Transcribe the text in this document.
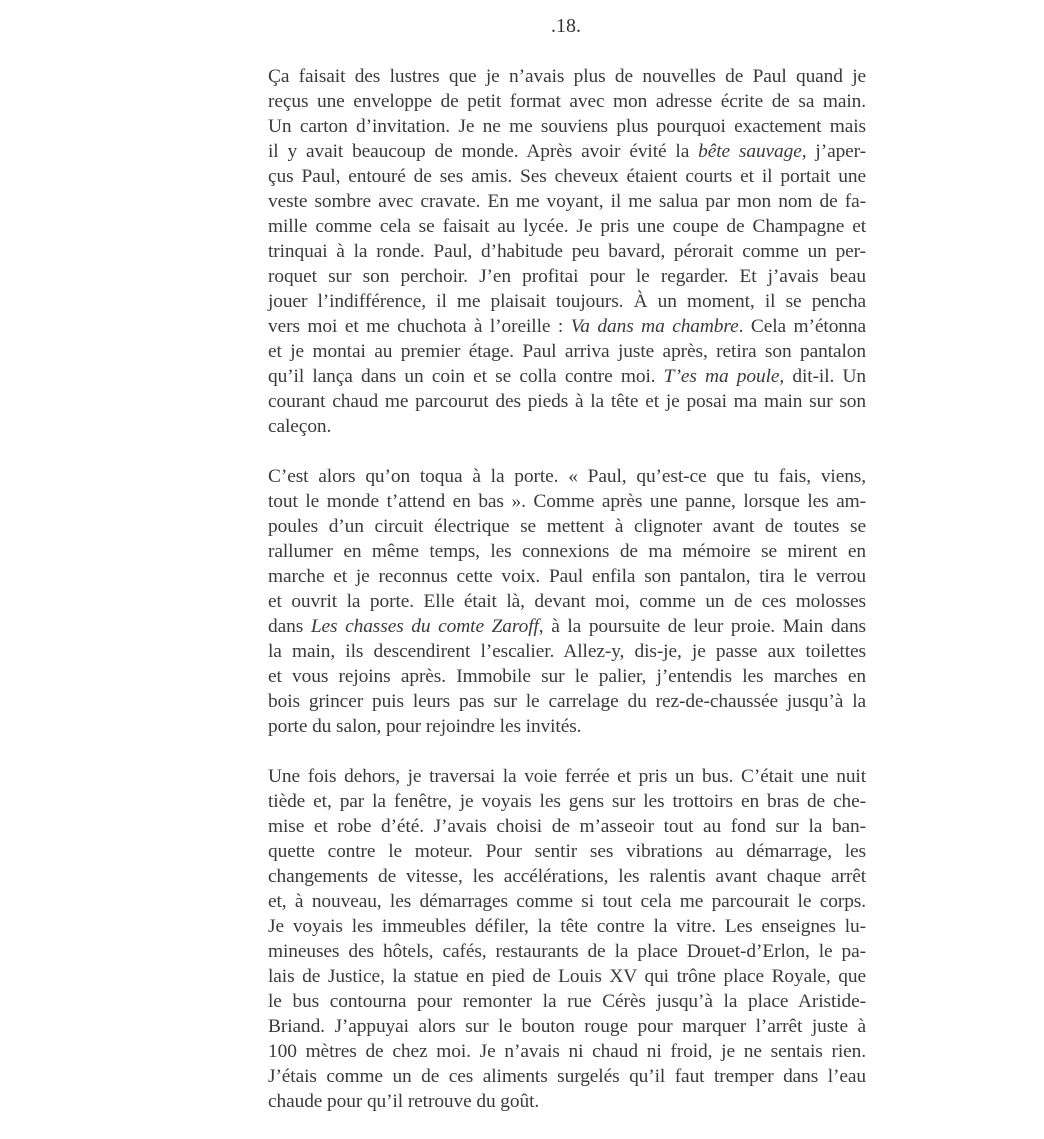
.18.
Ça faisait des lustres que je n’avais plus de nouvelles de Paul quand je
reçus une enveloppe de petit format avec mon adresse écrite de sa main.
Un carton d’invitation. Je ne me souviens plus pourquoi exactement mais
il y avait beaucoup de monde. Après avoir évité la bête sauvage, j’aper-
çus Paul, entouré de ses amis. Ses cheveux étaient courts et il portait une
veste sombre avec cravate. En me voyant, il me salua par mon nom de fa-
mille comme cela se faisait au lycée. Je pris une coupe de Champagne et
trinquai à la ronde. Paul, d’habitude peu bavard, pérorait comme un per-
roquet sur son perchoir. J’en profitai pour le regarder. Et j’avais beau
jouer l’indifférence, il me plaisait toujours. À un moment, il se pencha
vers moi et me chuchota à l’oreille : Va dans ma chambre. Cela m’étonna
et je montai au premier étage. Paul arriva juste après, retira son pantalon
qu’il lança dans un coin et se colla contre moi. T’es ma poule, dit-il. Un
courant chaud me parcourut des pieds à la tête et je posai ma main sur son
caleçon.
C’est alors qu’on toqua à la porte. « Paul, qu’est-ce que tu fais, viens,
tout le monde t’attend en bas ». Comme après une panne, lorsque les am-
poules d’un circuit électrique se mettent à clignoter avant de toutes se
rallumer en même temps, les connexions de ma mémoire se mirent en
marche et je reconnus cette voix. Paul enfila son pantalon, tira le verrou
et ouvrit la porte. Elle était là, devant moi, comme un de ces molosses
dans Les chasses du comte Zaroff, à la poursuite de leur proie. Main dans
la main, ils descendirent l’escalier. Allez-y, dis-je, je passe aux toilettes
et vous rejoins après. Immobile sur le palier, j’entendis les marches en
bois grincer puis leurs pas sur le carrelage du rez-de-chaussée jusqu’à la
porte du salon, pour rejoindre les invités.
Une fois dehors, je traversai la voie ferrée et pris un bus. C’était une nuit
tiède et, par la fenêtre, je voyais les gens sur les trottoirs en bras de che-
mise et robe d’été. J’avais choisi de m’asseoir tout au fond sur la ban-
quette contre le moteur. Pour sentir ses vibrations au démarrage, les
changements de vitesse, les accélérations, les ralentis avant chaque arrêt
et, à nouveau, les démarrages comme si tout cela me parcourait le corps.
Je voyais les immeubles défiler, la tête contre la vitre. Les enseignes lu-
mineuses des hôtels, cafés, restaurants de la place Drouet-d’Erlon, le pa-
lais de Justice, la statue en pied de Louis XV qui trône place Royale, que
le bus contourna pour remonter la rue Cérès jusqu’à la place Aristide-
Briand. J’appuyai alors sur le bouton rouge pour marquer l’arrêt juste à
100 mètres de chez moi. Je n’avais ni chaud ni froid, je ne sentais rien.
J’étais comme un de ces aliments surgelés qu’il faut tremper dans l’eau
chaude pour qu’il retrouve du goût.
